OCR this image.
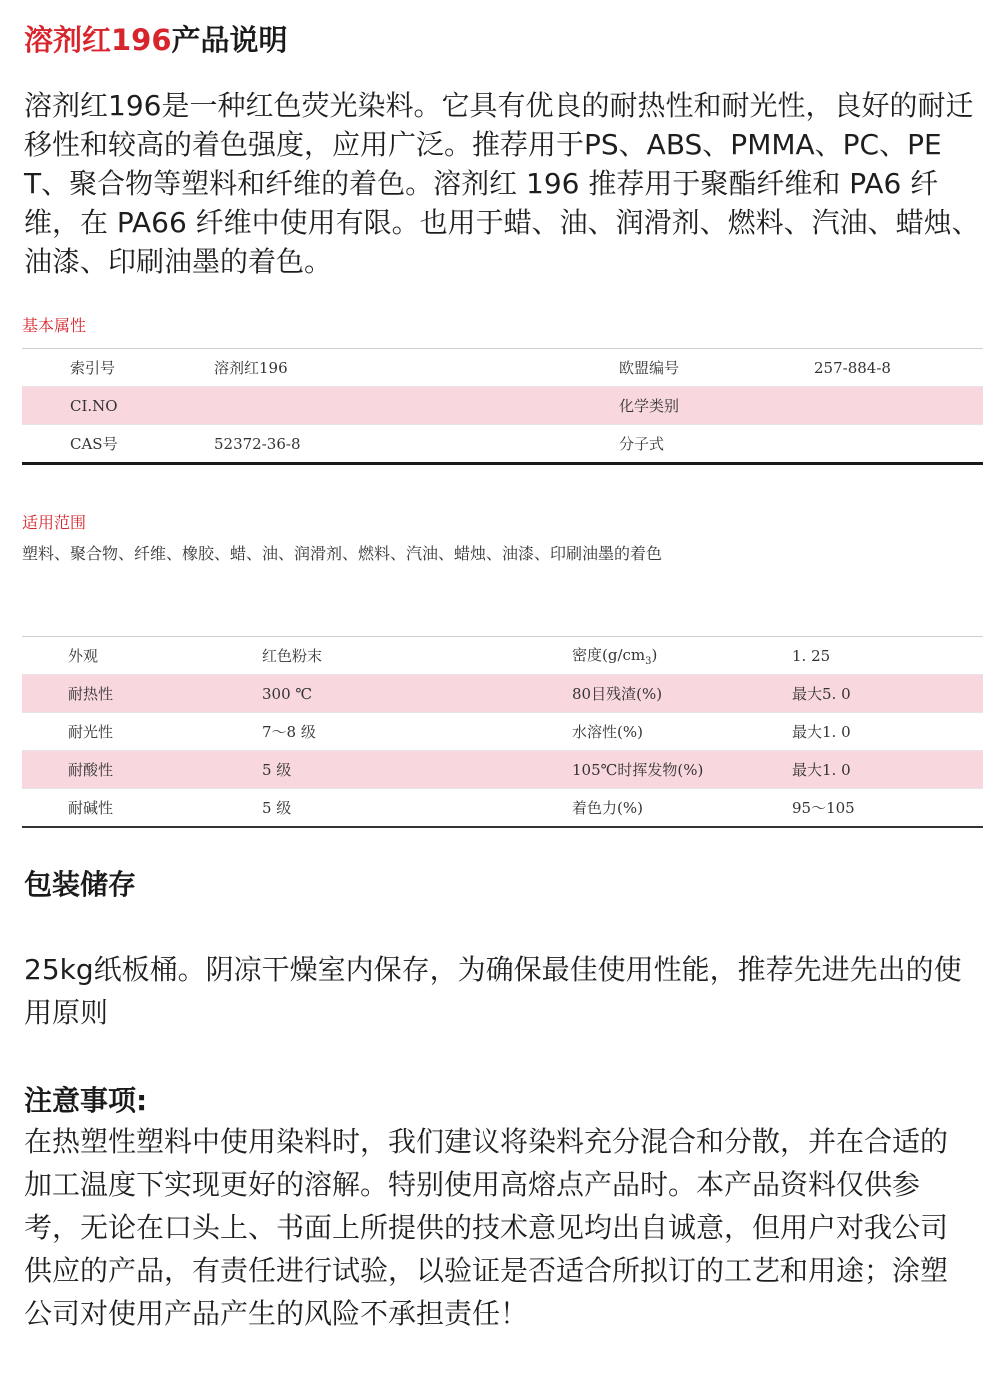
溶剂红196产品说明
溶剂红196是一种红色荧光染料。它具有优良的耐热性和耐光性，良好的耐迁移性和较高的着色强度，应用广泛。推荐用于PS、ABS、PMMA、PC、PET、聚合物等塑料和纤维的着色。溶剂红 196 推荐用于聚酯纤维和 PA6 纤维，在 PA66 纤维中使用有限。也用于蜡、油、润滑剂、燃料、汽油、蜡烛、油漆、印刷油墨的着色。
基本属性
索引号	溶剂红196	欧盟编号	257-884-8
CI.NO		化学类别	
CAS号	52372-36-8	分子式	
适用范围
塑料、聚合物、纤维、橡胶、蜡、油、润滑剂、燃料、汽油、蜡烛、油漆、印刷油墨的着色
外观	红色粉末	密度$(g/cm_3)$	1. 25
耐热性	300 ℃	80目残渣(%)	最大5. 0
耐光性	7～8 级	水溶性(%)	最大1. 0
耐酸性	5 级	105℃时挥发物(%)	最大1. 0
耐碱性	5 级	着色力(%)	95～105
包装储存
25kg纸板桶。阴凉干燥室内保存，为确保最佳使用性能，推荐先进先出的使用原则
注意事项:
在热塑性塑料中使用染料时，我们建议将染料充分混合和分散，并在合适的加工温度下实现更好的溶解。特别使用高熔点产品时。本产品资料仅供参考，无论在口头上、书面上所提供的技术意见均出自诚意，但用户对我公司供应的产品，有责任进行试验，以验证是否适合所拟订的工艺和用途；涂塑公司对使用产品产生的风险不承担责任！
